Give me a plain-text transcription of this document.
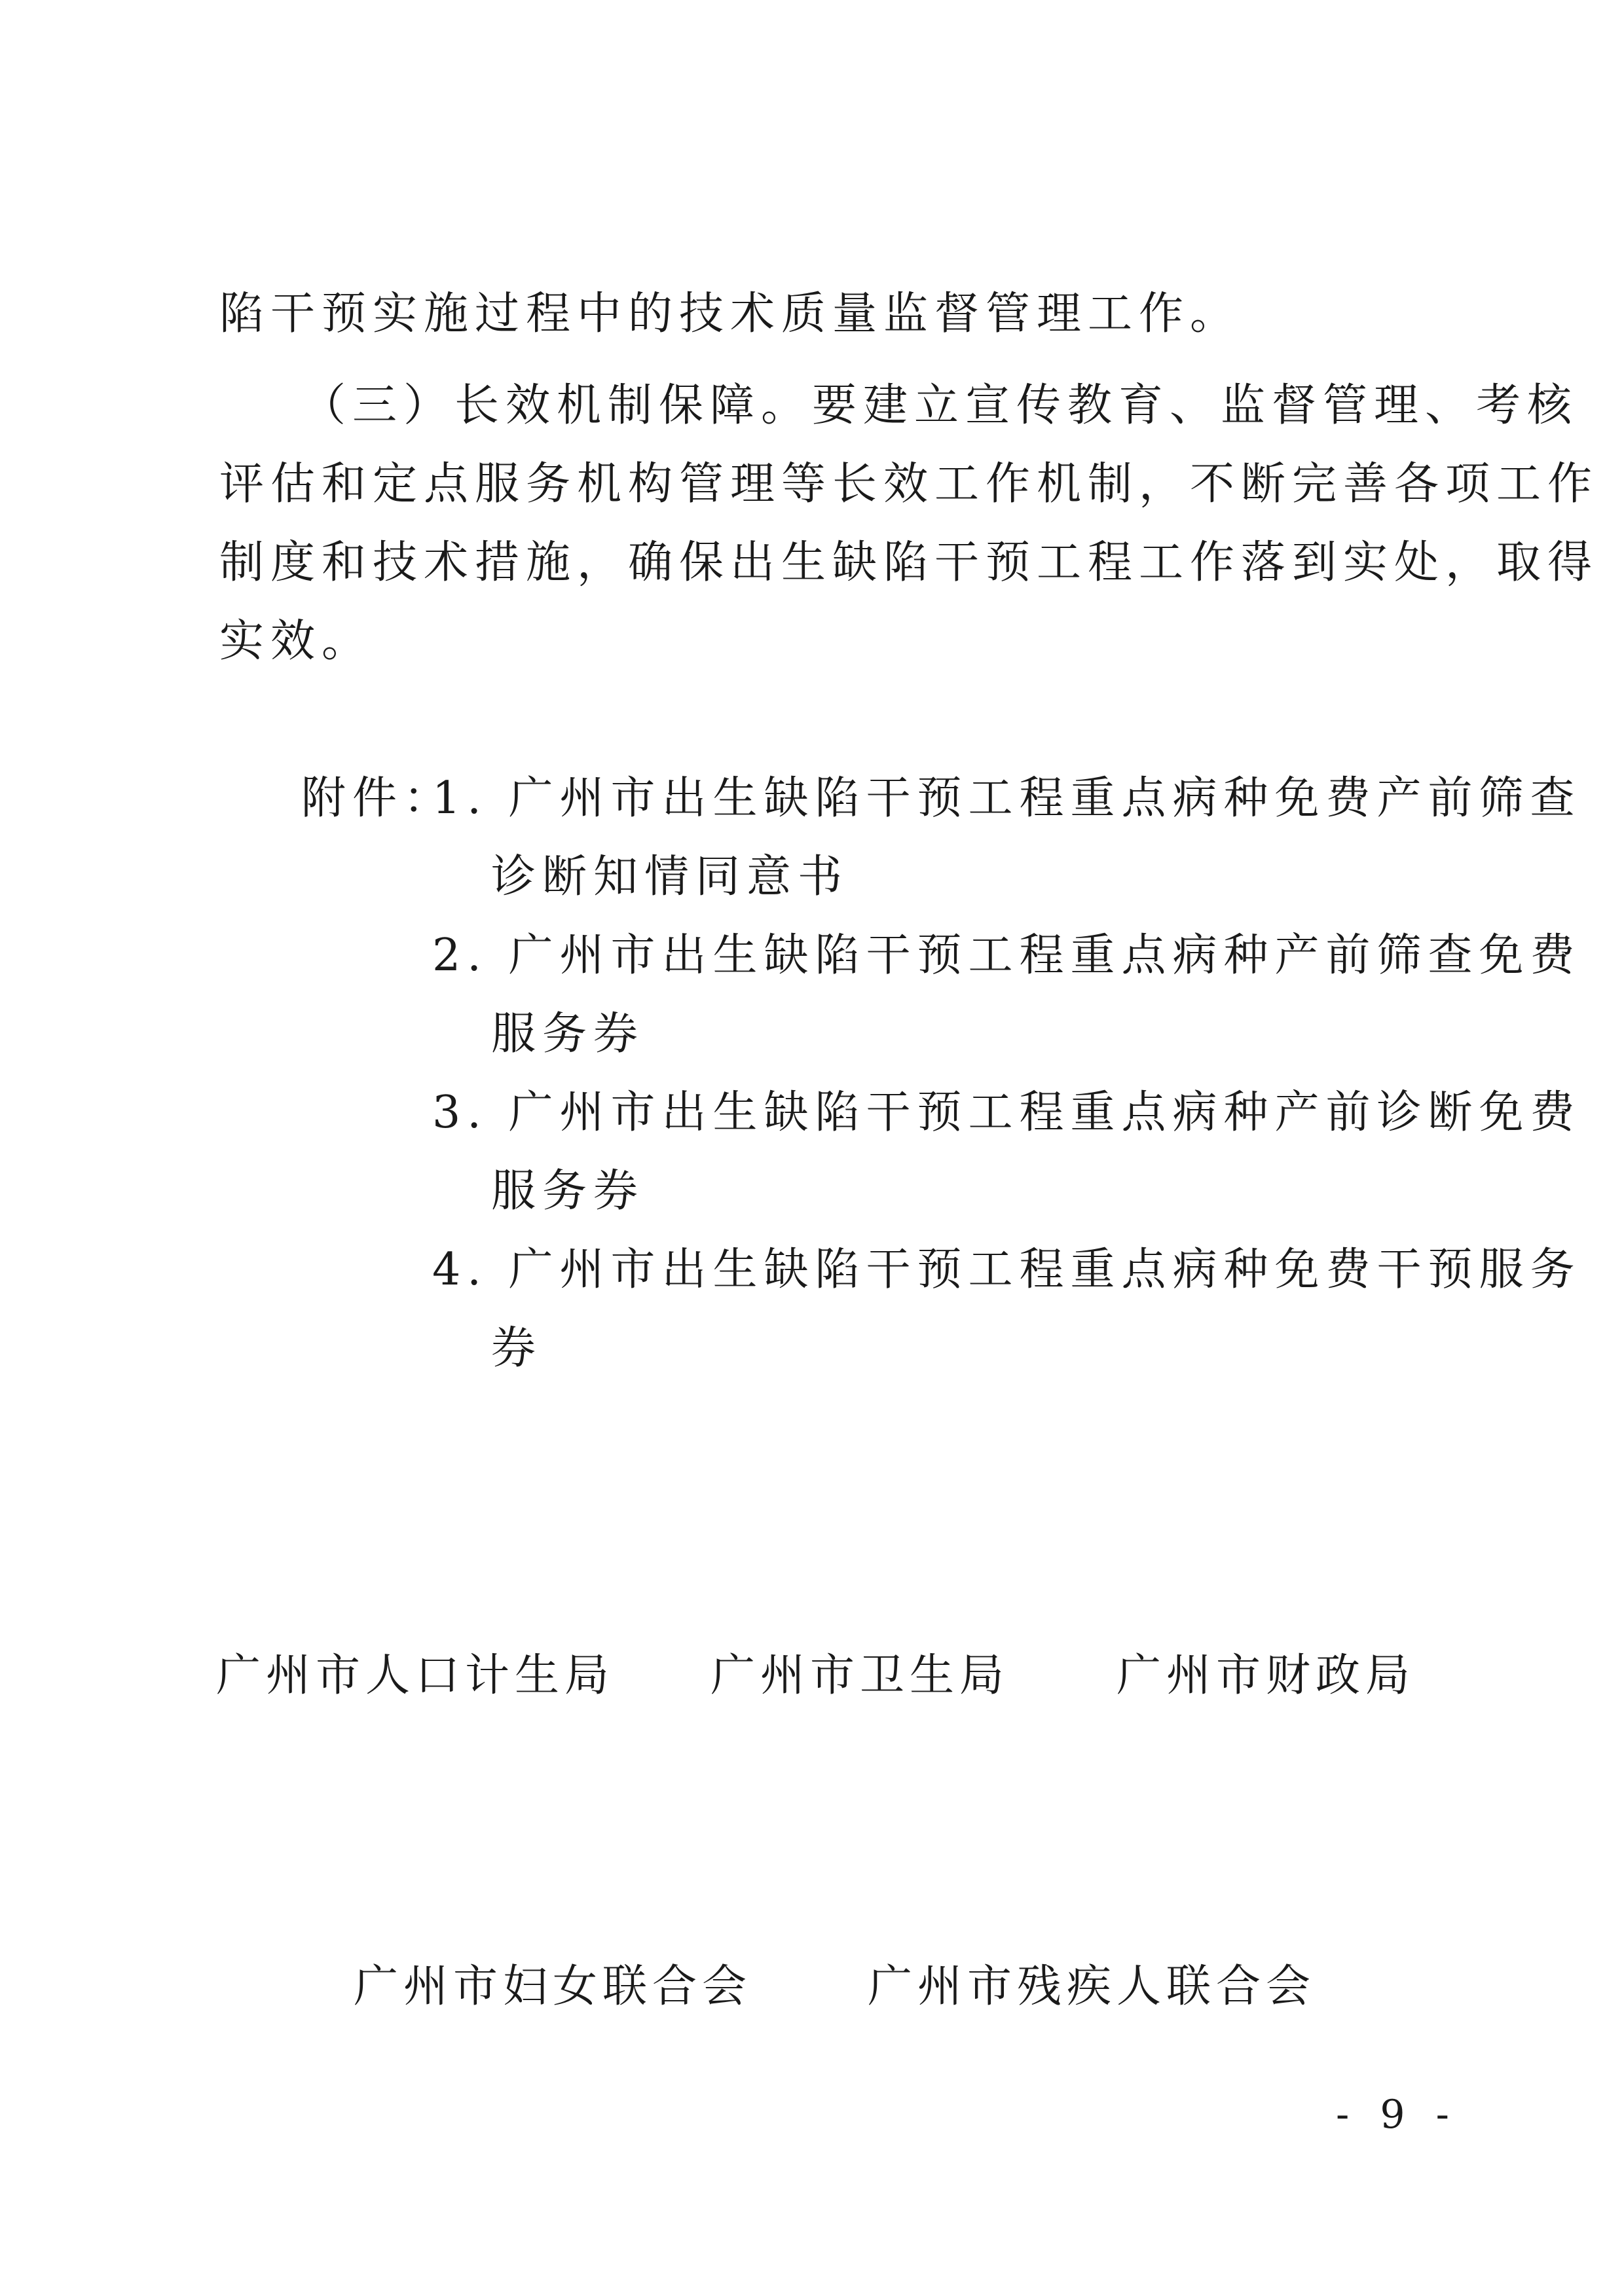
陷干预实施过程中的技术质量监督管理工作。
（三）长效机制保障。要建立宣传教育、监督管理、考核
评估和定点服务机构管理等长效工作机制，不断完善各项工作
制度和技术措施，确保出生缺陷干预工程工作落到实处，取得
实效。
附件：
1. 广州市出生缺陷干预工程重点病种免费产前筛查
诊断知情同意书
2. 广州市出生缺陷干预工程重点病种产前筛查免费
服务券
3. 广州市出生缺陷干预工程重点病种产前诊断免费
服务券
4. 广州市出生缺陷干预工程重点病种免费干预服务
券
广州市人口计生局 广州市卫生局 广州市财政局
广州市妇女联合会	广州市残疾人联合会
- 9 -
